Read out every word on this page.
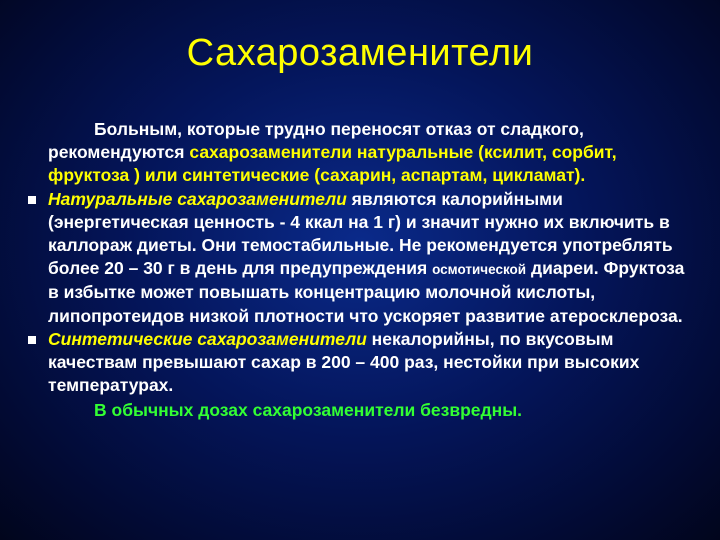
Сахарозаменители

Больным, которые трудно переносят отказ от сладкого, рекомендуются сахарозаменители натуральные (ксилит, сорбит, фруктоза ) или синтетические (сахарин, аспартам, цикламат).

Натуральные сахарозаменители являются калорийными (энергетическая ценность - 4 ккал на 1 г) и значит нужно их включить в каллораж диеты. Они темостабильные. Не рекомендуется употреблять более 20 – 30 г в день для предупреждения осмотической диареи. Фруктоза в избытке может повышать концентрацию молочной кислоты, липопротеидов низкой плотности что ускоряет развитие атеросклероза.

Синтетические сахарозаменители некалорийны, по вкусовым качествам превышают сахар в 200 – 400 раз, нестойки при высоких температурах.

В обычных дозах сахарозаменители безвредны.
